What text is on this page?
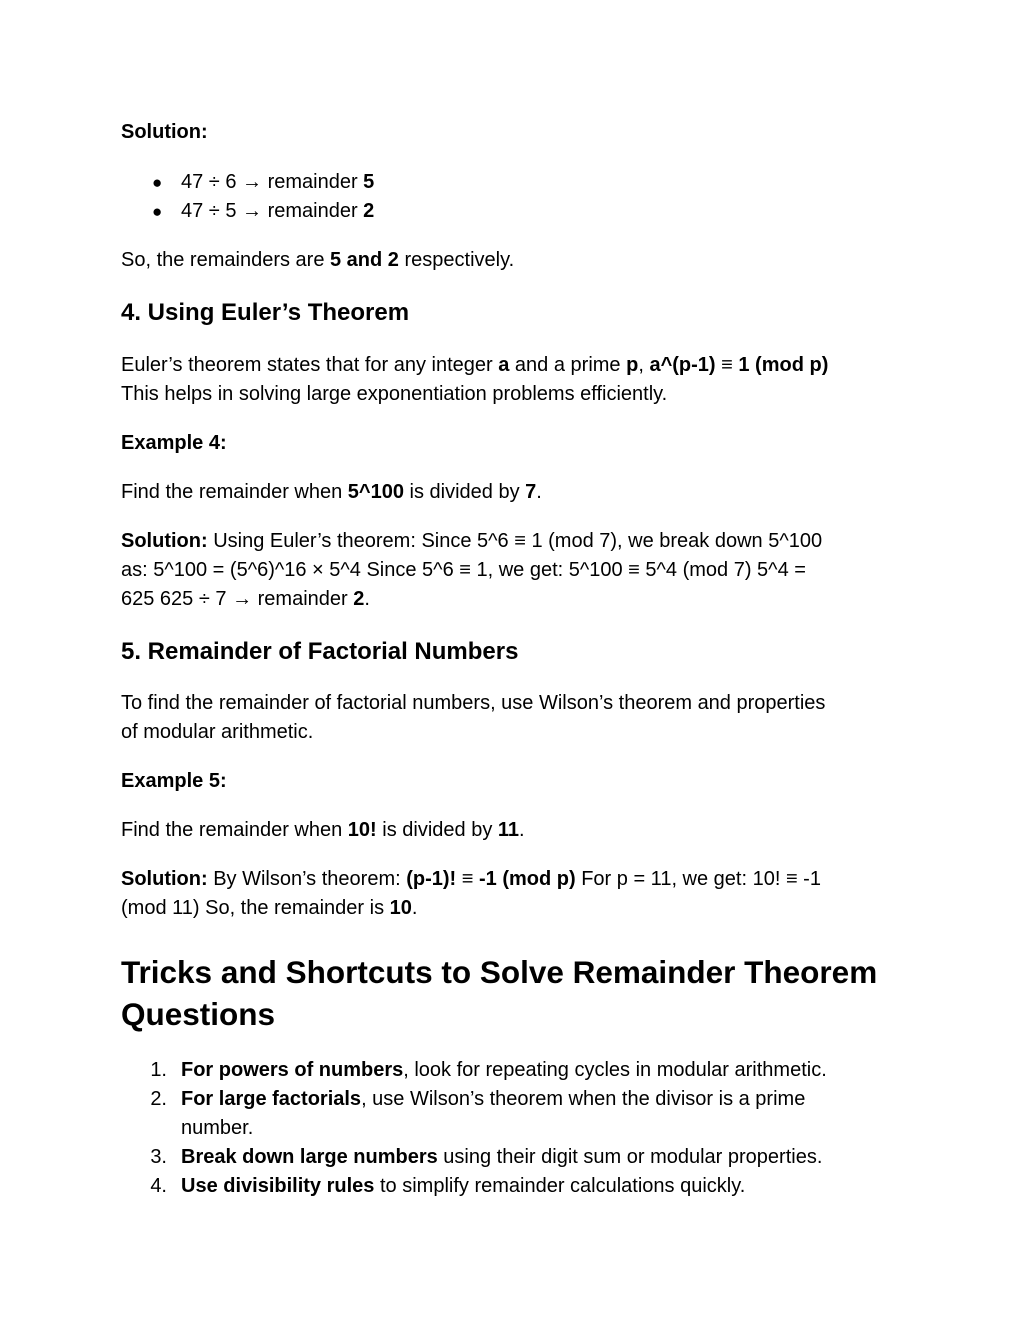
Solution:
● 47 ÷ 6 → remainder 5
● 47 ÷ 5 → remainder 2
So, the remainders are 5 and 2 respectively.
4. Using Euler’s Theorem
Euler’s theorem states that for any integer a and a prime p, a^(p-1) ≡ 1 (mod p)
This helps in solving large exponentiation problems efficiently.
Example 4:
Find the remainder when 5^100 is divided by 7.
Solution: Using Euler’s theorem: Since 5^6 ≡ 1 (mod 7), we break down 5^100
as: 5^100 = (5^6)^16 × 5^4 Since 5^6 ≡ 1, we get: 5^100 ≡ 5^4 (mod 7) 5^4 =
625 625 ÷ 7 → remainder 2.
5. Remainder of Factorial Numbers
To find the remainder of factorial numbers, use Wilson’s theorem and properties
of modular arithmetic.
Example 5:
Find the remainder when 10! is divided by 11.
Solution: By Wilson’s theorem: (p-1)! ≡ -1 (mod p) For p = 11, we get: 10! ≡ -1
(mod 11) So, the remainder is 10.
Tricks and Shortcuts to Solve Remainder Theorem
Questions
1. For powers of numbers, look for repeating cycles in modular arithmetic.
2. For large factorials, use Wilson’s theorem when the divisor is a prime
number.
3. Break down large numbers using their digit sum or modular properties.
4. Use divisibility rules to simplify remainder calculations quickly.
